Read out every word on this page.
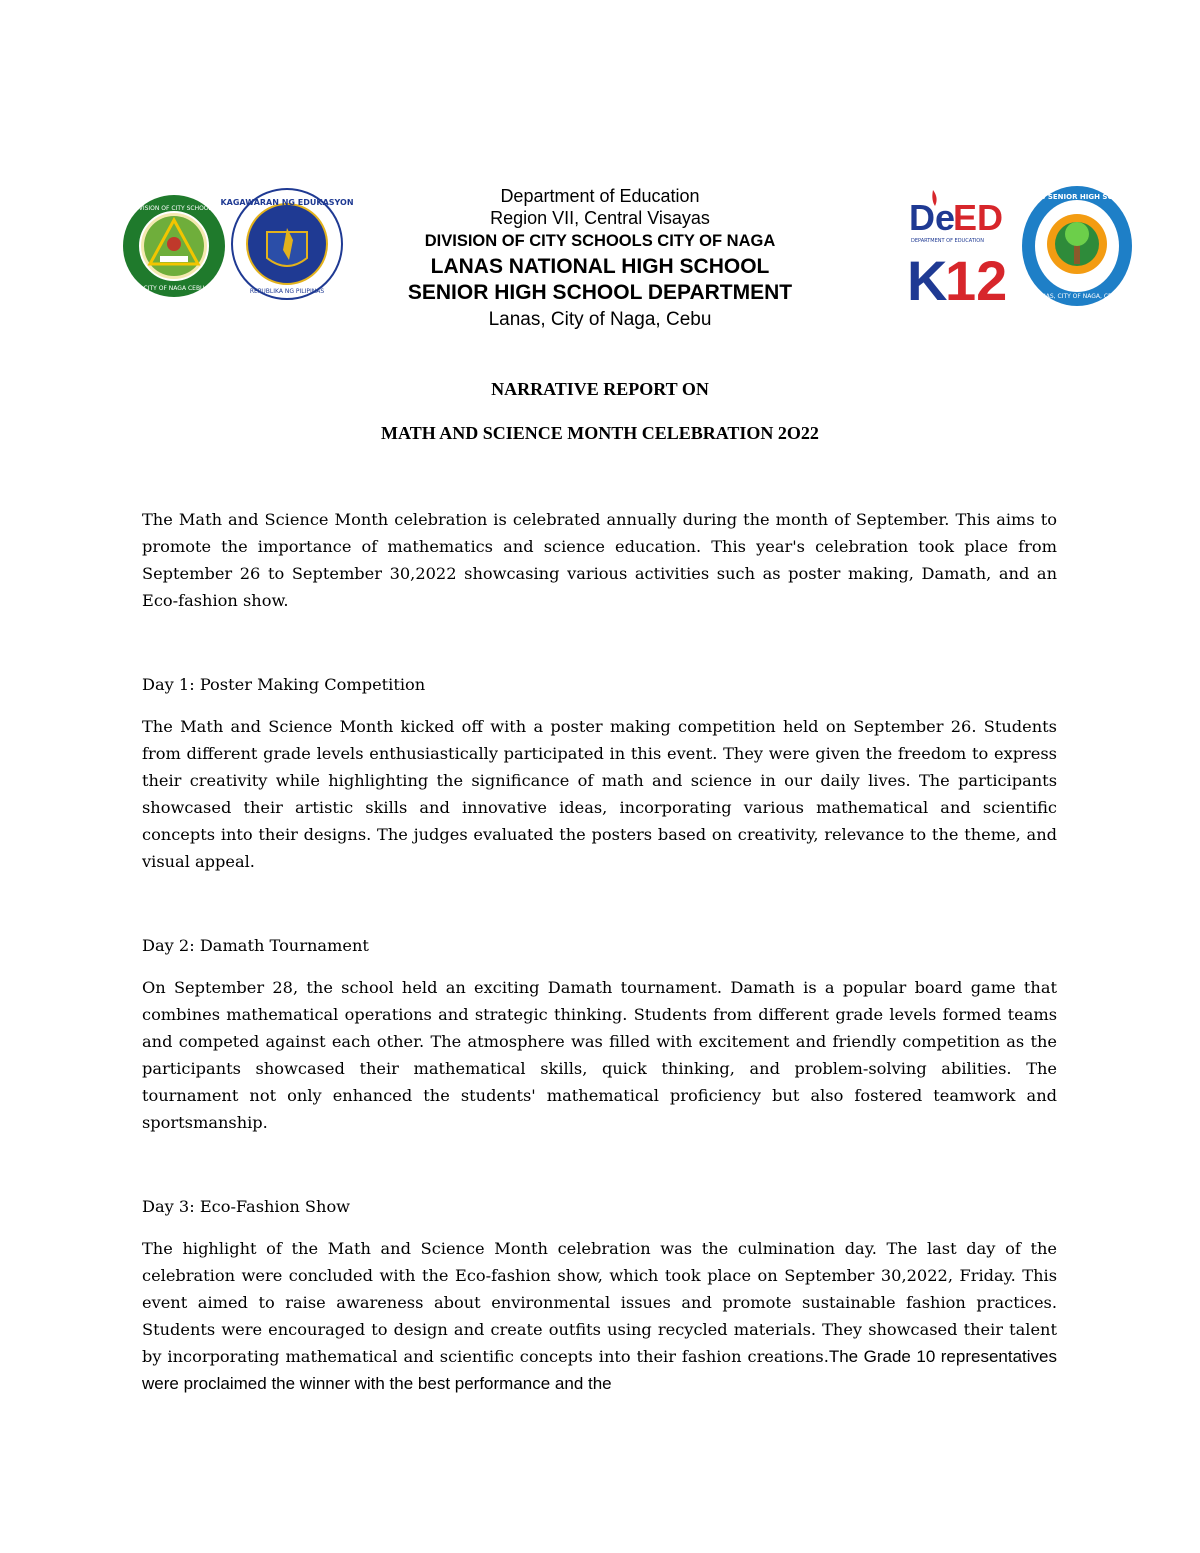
DIVISION OF CITY SCHOOLS
CITY OF NAGA CEBU
KAGAWARAN NG EDUKASYON
REPUBLIKA NG PILIPINAS
Department of Education
Region VII, Central Visayas
DIVISION OF CITY SCHOOLS CITY OF NAGA
LANAS NATIONAL HIGH SCHOOL
SENIOR HIGH SCHOOL DEPARTMENT
Lanas, City of Naga, Cebu
De
ED
DEPARTMENT OF EDUCATION
K
12
LANAS SENIOR HIGH SCHOOL
LANAS, CITY OF NAGA, CEBU
NARRATIVE REPORT ON
MATH AND SCIENCE MONTH CELEBRATION 2O22

The Math and Science Month celebration is celebrated annually during the month of September. This aims to promote the importance of mathematics and science education. This year's celebration took place from September 26 to September 30,2022 showcasing various activities such as poster making, Damath, and an Eco-fashion show.

Day 1: Poster Making Competition

The Math and Science Month kicked off with a poster making competition held on September 26. Students from different grade levels enthusiastically participated in this event. They were given the freedom to express their creativity while highlighting the significance of math and science in our daily lives. The participants showcased their artistic skills and innovative ideas, incorporating various mathematical and scientific concepts into their designs. The judges evaluated the posters based on creativity, relevance to the theme, and visual appeal.

Day 2: Damath Tournament

On September 28, the school held an exciting Damath tournament. Damath is a popular board game that combines mathematical operations and strategic thinking. Students from different grade levels formed teams and competed against each other. The atmosphere was filled with excitement and friendly competition as the participants showcased their mathematical skills, quick thinking, and problem-solving abilities. The tournament not only enhanced the students' mathematical proficiency but also fostered teamwork and sportsmanship.

Day 3: Eco-Fashion Show

The highlight of the Math and Science Month celebration was the culmination day. The last day of the celebration were concluded with the Eco-fashion show, which took place on September 30,2022, Friday. This event aimed to raise awareness about environmental issues and promote sustainable fashion practices. Students were encouraged to design and create outfits using recycled materials. They showcased their talent by incorporating mathematical and scientific concepts into their fashion creations.The Grade 10 representatives were proclaimed the winner with the best performance and the
